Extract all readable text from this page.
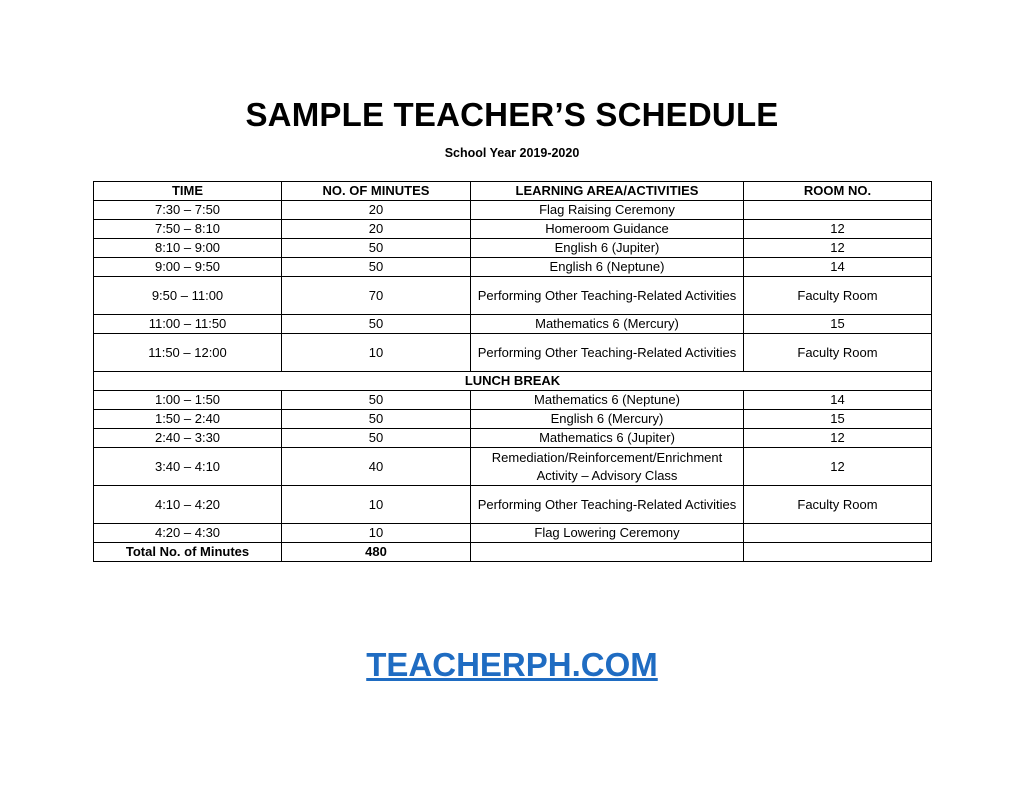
SAMPLE TEACHER’S SCHEDULE
School Year 2019-2020
TIME	NO. OF MINUTES	LEARNING AREA/ACTIVITIES	ROOM NO.
7:30 – 7:50	20	Flag Raising Ceremony	
7:50 – 8:10	20	Homeroom Guidance	12
8:10 – 9:00	50	English 6 (Jupiter)	12
9:00 – 9:50	50	English 6 (Neptune)	14
9:50 – 11:00	70	Performing Other Teaching-Related Activities	Faculty Room
11:00 – 11:50	50	Mathematics 6 (Mercury)	15
11:50 – 12:00	10	Performing Other Teaching-Related Activities	Faculty Room
LUNCH BREAK			
1:00 – 1:50	50	Mathematics 6 (Neptune)	14
1:50 – 2:40	50	English 6 (Mercury)	15
2:40 – 3:30	50	Mathematics 6 (Jupiter)	12
3:40 – 4:10	40	Remediation/Reinforcement/Enrichment Activity – Advisory Class	12
4:10 – 4:20	10	Performing Other Teaching-Related Activities	Faculty Room
4:20 – 4:30	10	Flag Lowering Ceremony	
Total No. of Minutes	480		
TEACHERPH.COM
